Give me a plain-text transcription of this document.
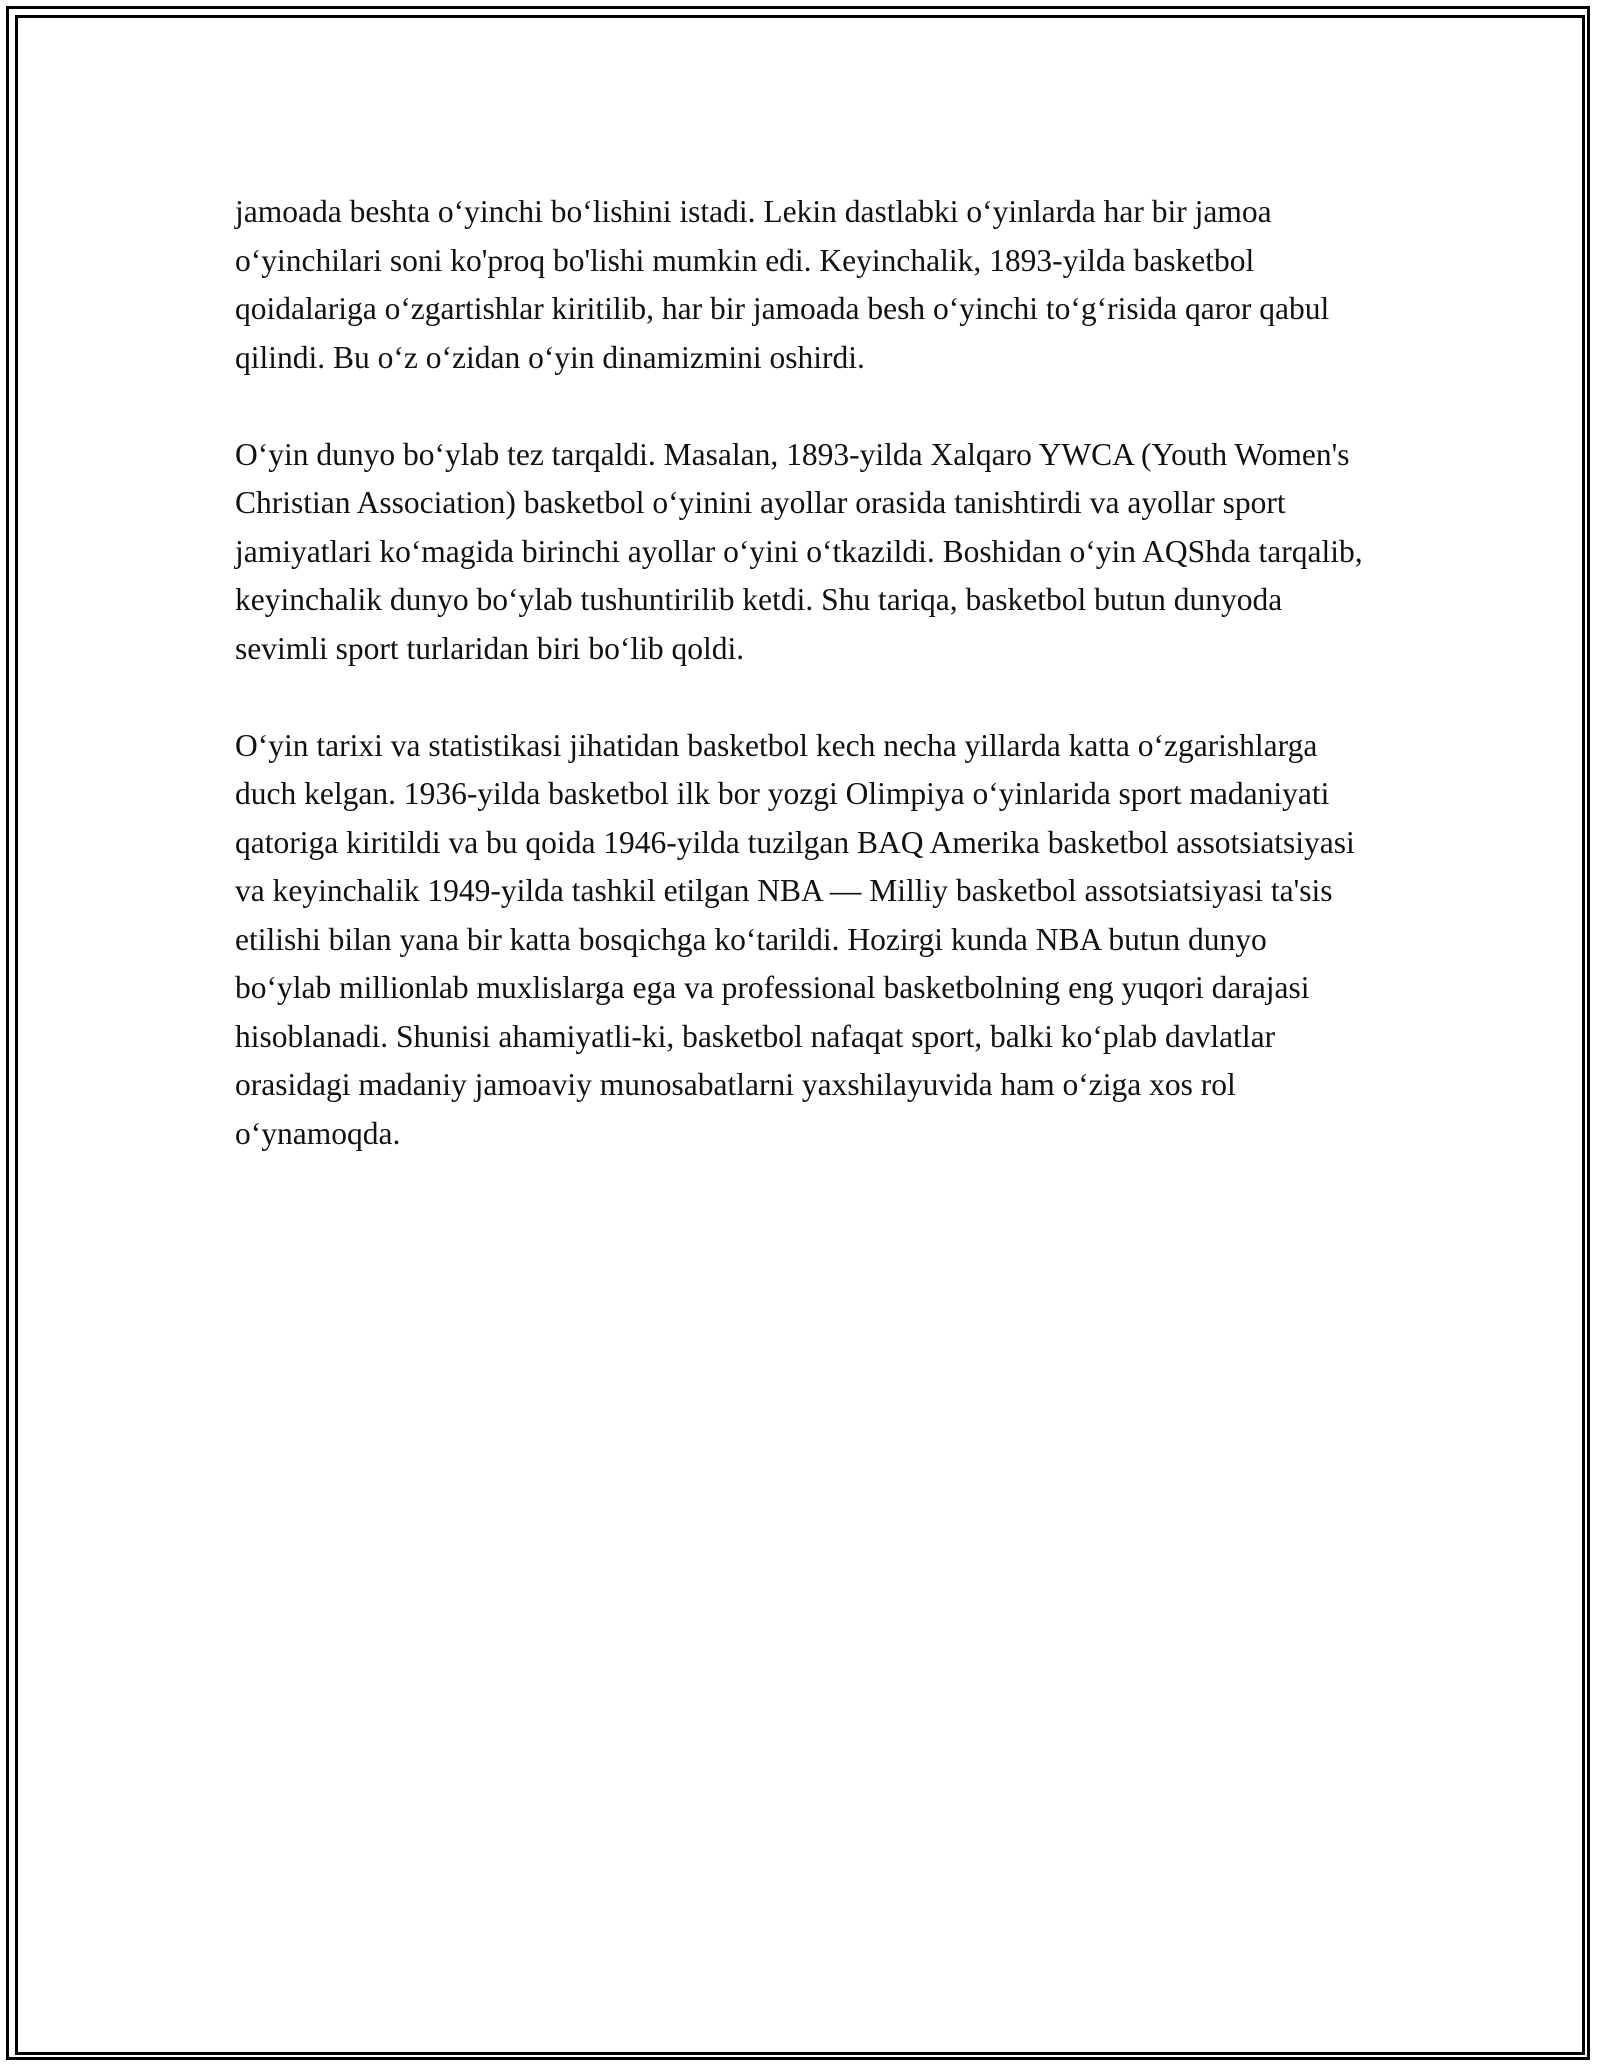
jamoada beshta oʻyinchi boʻlishini istadi. Lekin dastlabki oʻyinlarda har bir jamoa oʻyinchilari soni ko'proq bo'lishi mumkin edi. Keyinchalik, 1893-yilda basketbol qoidalariga oʻzgartishlar kiritilib, har bir jamoada besh oʻyinchi toʻgʻrisida qaror qabul qilindi. Bu oʻz oʻzidan oʻyin dinamizmini oshirdi.

Oʻyin dunyo boʻylab tez tarqaldi. Masalan, 1893-yilda Xalqaro YWCA (Youth Women's Christian Association) basketbol oʻyinini ayollar orasida tanishtirdi va ayollar sport jamiyatlari koʻmagida birinchi ayollar oʻyini oʻtkazildi. Boshidan oʻyin AQShda tarqalib, keyinchalik dunyo boʻylab tushuntirilib ketdi. Shu tariqa, basketbol butun dunyoda sevimli sport turlaridan biri boʻlib qoldi.

Oʻyin tarixi va statistikasi jihatidan basketbol kech necha yillarda katta oʻzgarishlarga duch kelgan. 1936-yilda basketbol ilk bor yozgi Olimpiya oʻyinlarida sport madaniyati qatoriga kiritildi va bu qoida 1946-yilda tuzilgan BAQ Amerika basketbol assotsiatsiyasi va keyinchalik 1949-yilda tashkil etilgan NBA — Milliy basketbol assotsiatsiyasi ta'sis etilishi bilan yana bir katta bosqichga koʻtarildi. Hozirgi kunda NBA butun dunyo boʻylab millionlab muxlislarga ega va professional basketbolning eng yuqori darajasi hisoblanadi. Shunisi ahamiyatli-ki, basketbol nafaqat sport, balki koʻplab davlatlar orasidagi madaniy jamoaviy munosabatlarni yaxshilayuvida ham oʻziga xos rol oʻynamoqda.
